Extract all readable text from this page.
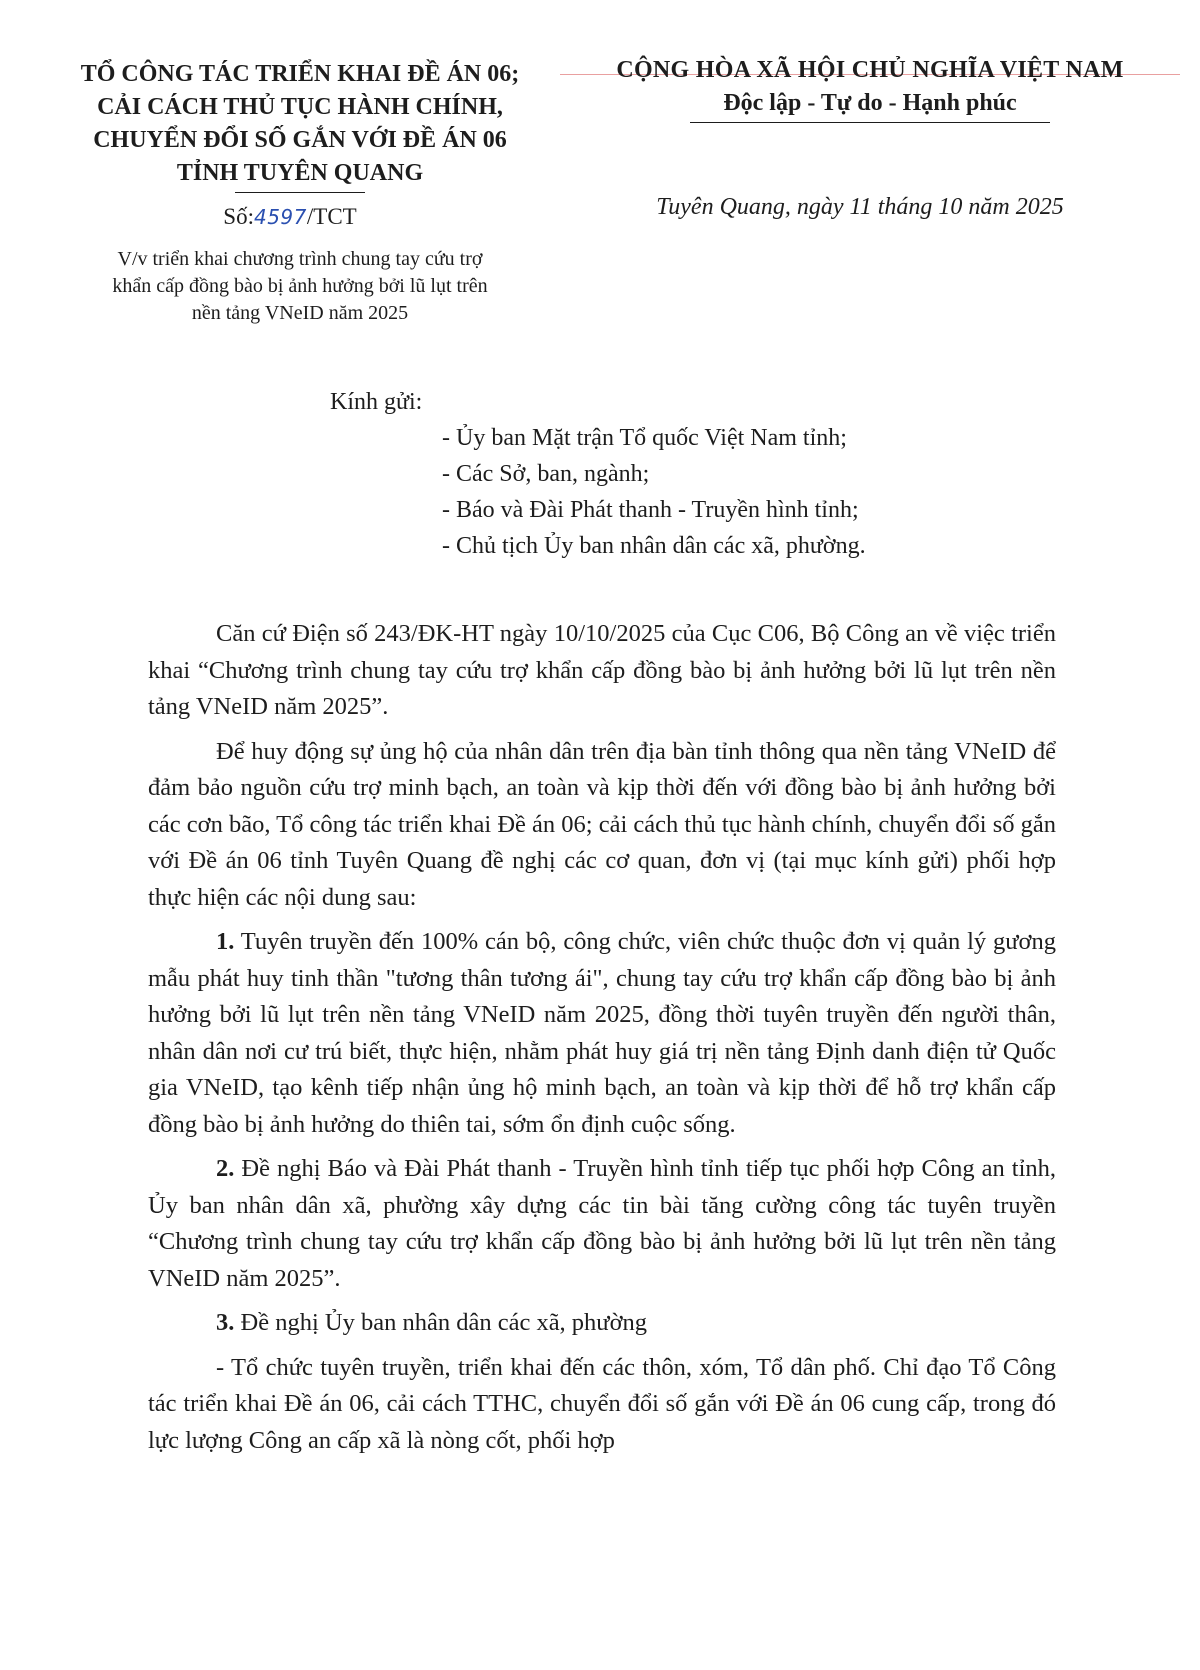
TỔ CÔNG TÁC TRIỂN KHAI ĐỀ ÁN 06;
CẢI CÁCH THỦ TỤC HÀNH CHÍNH,
CHUYỂN ĐỔI SỐ GẮN VỚI ĐỀ ÁN 06
TỈNH TUYÊN QUANG
Số:4597/TCT
V/v triển khai chương trình chung tay cứu trợ
khẩn cấp đồng bào bị ảnh hưởng bởi lũ lụt trên
nền tảng VNeID năm 2025
CỘNG HÒA XÃ HỘI CHỦ NGHĨA VIỆT NAM
Độc lập - Tự do - Hạnh phúc
Tuyên Quang, ngày 11 tháng 10 năm 2025
Kính gửi:
- Ủy ban Mặt trận Tổ quốc Việt Nam tỉnh;
- Các Sở, ban, ngành;
- Báo và Đài Phát thanh - Truyền hình tỉnh;
- Chủ tịch Ủy ban nhân dân các xã, phường.

Căn cứ Điện số 243/ĐK-HT ngày 10/10/2025 của Cục C06, Bộ Công an về việc triển khai “Chương trình chung tay cứu trợ khẩn cấp đồng bào bị ảnh hưởng bởi lũ lụt trên nền tảng VNeID năm 2025”.

Để huy động sự ủng hộ của nhân dân trên địa bàn tỉnh thông qua nền tảng VNeID để đảm bảo nguồn cứu trợ minh bạch, an toàn và kịp thời đến với đồng bào bị ảnh hưởng bởi các cơn bão, Tổ công tác triển khai Đề án 06; cải cách thủ tục hành chính, chuyển đổi số gắn với Đề án 06 tỉnh Tuyên Quang đề nghị các cơ quan, đơn vị (tại mục kính gửi) phối hợp thực hiện các nội dung sau:

1. Tuyên truyền đến 100% cán bộ, công chức, viên chức thuộc đơn vị quản lý gương mẫu phát huy tinh thần "tương thân tương ái", chung tay cứu trợ khẩn cấp đồng bào bị ảnh hưởng bởi lũ lụt trên nền tảng VNeID năm 2025, đồng thời tuyên truyền đến người thân, nhân dân nơi cư trú biết, thực hiện, nhằm phát huy giá trị nền tảng Định danh điện tử Quốc gia VNeID, tạo kênh tiếp nhận ủng hộ minh bạch, an toàn và kịp thời để hỗ trợ khẩn cấp đồng bào bị ảnh hưởng do thiên tai, sớm ổn định cuộc sống.

2. Đề nghị Báo và Đài Phát thanh - Truyền hình tỉnh tiếp tục phối hợp Công an tỉnh, Ủy ban nhân dân xã, phường xây dựng các tin bài tăng cường công tác tuyên truyền “Chương trình chung tay cứu trợ khẩn cấp đồng bào bị ảnh hưởng bởi lũ lụt trên nền tảng VNeID năm 2025”.

3. Đề nghị Ủy ban nhân dân các xã, phường

- Tổ chức tuyên truyền, triển khai đến các thôn, xóm, Tổ dân phố. Chỉ đạo Tổ Công tác triển khai Đề án 06, cải cách TTHC, chuyển đổi số gắn với Đề án 06 cung cấp, trong đó lực lượng Công an cấp xã là nòng cốt, phối hợp
